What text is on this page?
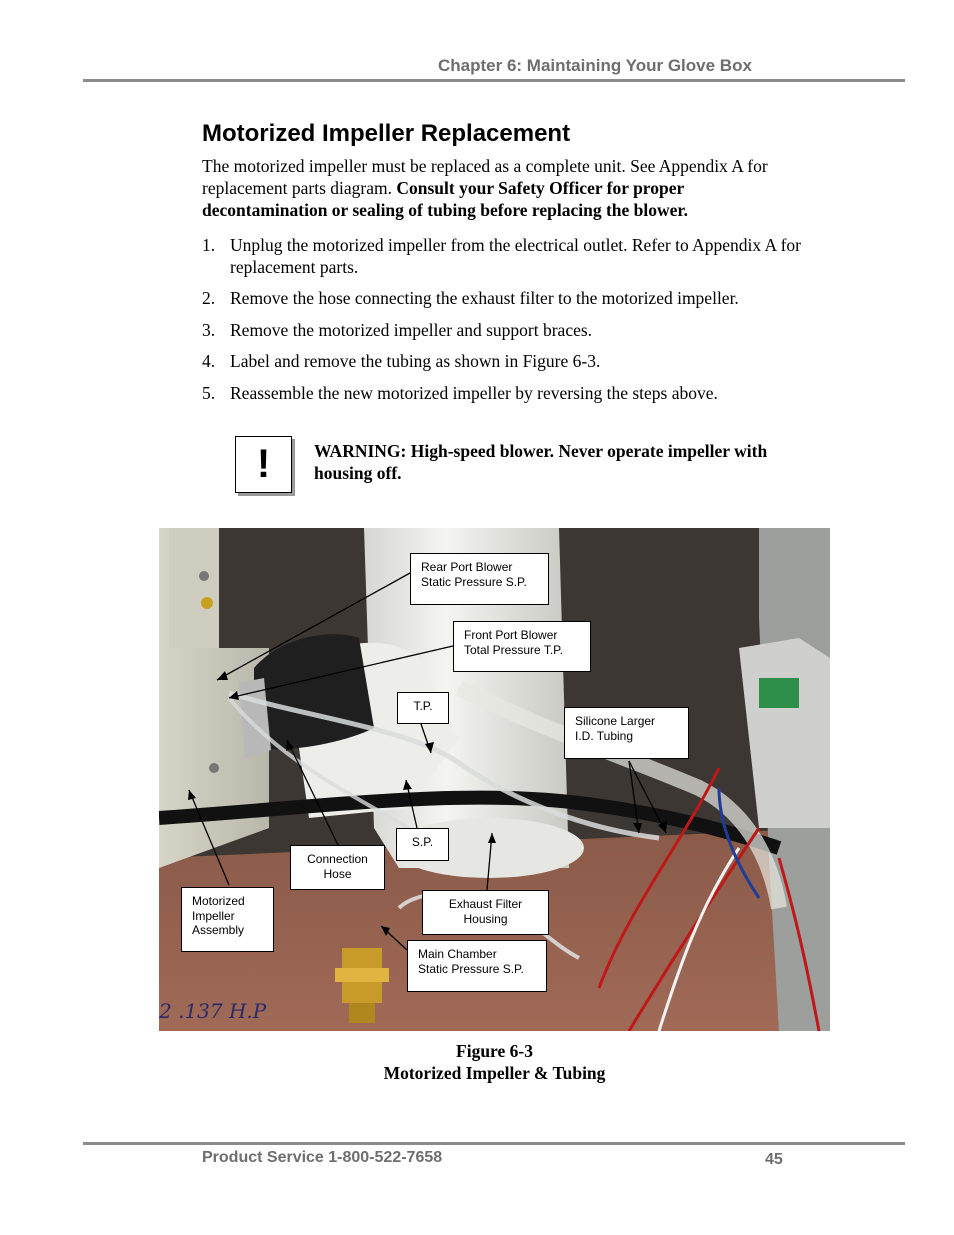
Chapter 6: Maintaining Your Glove Box
Motorized Impeller Replacement
The motorized impeller must be replaced as a complete unit. See Appendix A for replacement parts diagram. Consult your Safety Officer for proper decontamination or sealing of tubing before replacing the blower.
1. Unplug the motorized impeller from the electrical outlet. Refer to Appendix A for replacement parts.
2. Remove the hose connecting the exhaust filter to the motorized impeller.
3. Remove the motorized impeller and support braces.
4. Label and remove the tubing as shown in Figure 6-3.
5. Reassemble the new motorized impeller by reversing the steps above.
!	WARNING: High-speed blower. Never operate impeller with housing off.
2 .137 H.P
Rear Port Blower
Static Pressure S.P.
Front Port Blower
Total Pressure T.P.
T.P.
Silicone Larger
I.D. Tubing
S.P.
Connection
Hose
Motorized
Impeller
Assembly
Exhaust Filter
Housing
Main Chamber
Static Pressure S.P.
Figure 6-3
Motorized Impeller & Tubing
Product Service 1-800-522-7658	45
